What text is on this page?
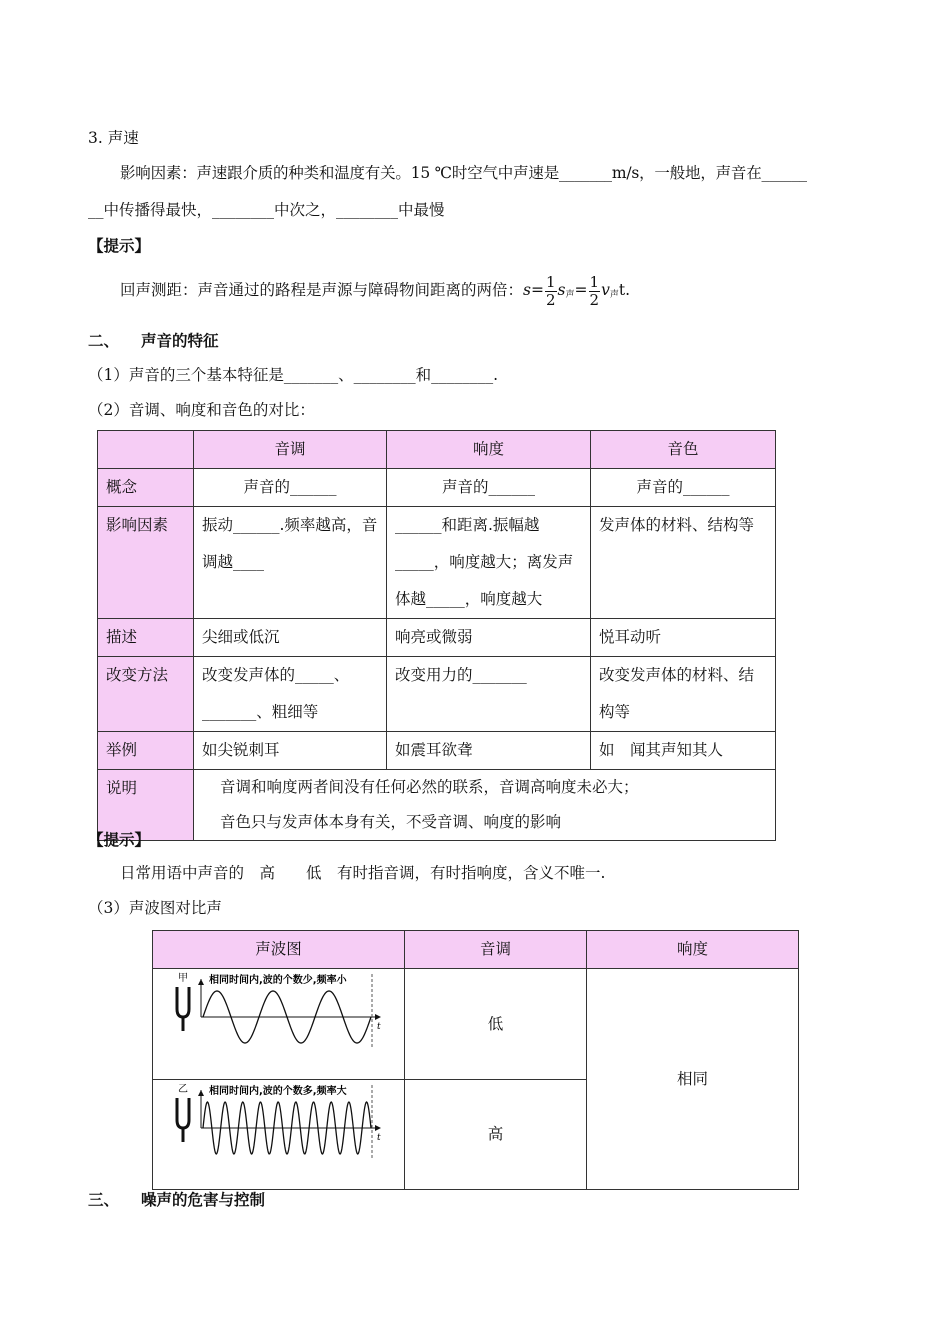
3. 声速
影响因素：声速跟介质的种类和温度有关。15 ℃时空气中声速是_______m/s，一般地，声音在______
__中传播得最快，________中次之，________中最慢
【提示】
回声测距：声音通过的路程是声源与障碍物间距离的两倍：$s= \frac{1}{2} s_声= \frac{1}{2} v_声t$.
二、 声音的特征
（1）声音的三个基本特征是_______、________和________.
（2）音调、响度和音色的对比：
	音调	响度	音色
概念	声音的______	声音的______	声音的______
影响因素	振动______.频率越高，音调越____	______和距离.振幅越_____，响度越大；离发声体越_____，响度越大	发声体的材料、结构等
描述	尖细或低沉	响亮或微弱	悦耳动听
改变方法	改变发声体的_____、_______、粗细等	改变用力的_______	改变发声体的材料、结构等
举例	如尖锐刺耳	如震耳欲聋	如　闻其声知其人
说明	音调和响度两者间没有任何必然的联系，音调高响度未必大；
音色只与发声体本身有关，不受音调、响度的影响		
【提示】
日常用语中声音的　高　　低　有时指音调，有时指响度，含义不唯一.
（3）声波图对比声
声波图	音调	响度

甲
t
相同时间内,波的个数少,频率小	低	相同

乙
t
相同时间内,波的个数多,频率大	高	
三、 噪声的危害与控制
